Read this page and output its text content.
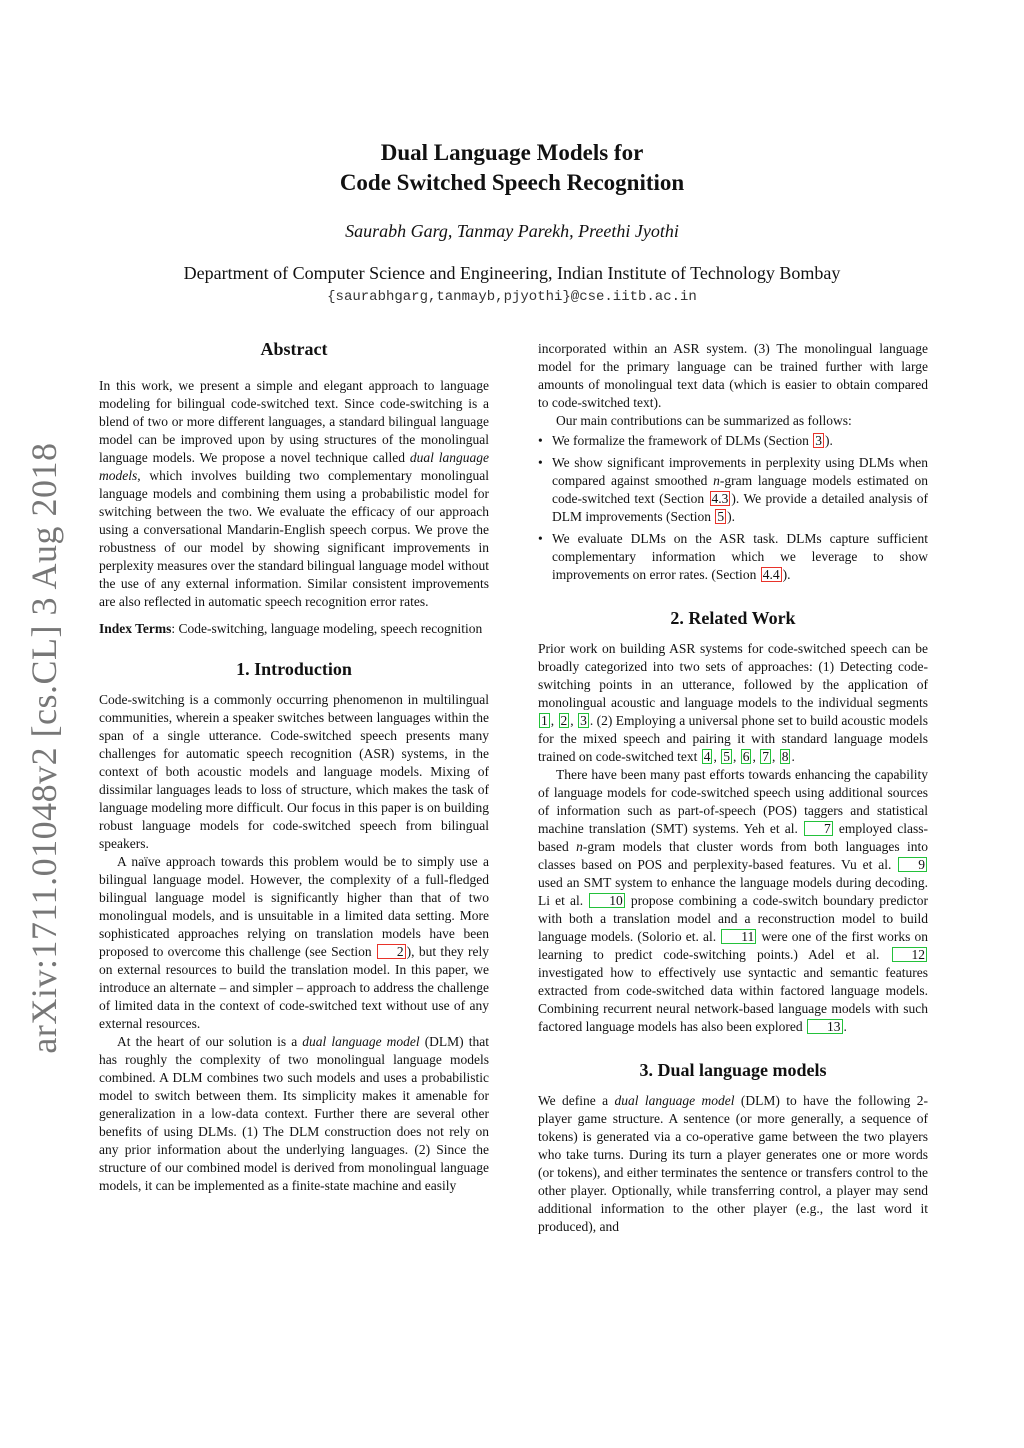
arXiv:1711.01048v2 [cs.CL] 3 Aug 2018
Dual Language Models for
Code Switched Speech Recognition
Saurabh Garg, Tanmay Parekh, Preethi Jyothi
Department of Computer Science and Engineering, Indian Institute of Technology Bombay
{saurabhgarg,tanmayb,pjyothi}@cse.iitb.ac.in
Abstract

In this work, we present a simple and elegant approach to language modeling for bilingual code-switched text. Since code-switching is a blend of two or more different languages, a standard bilingual language model can be improved upon by using structures of the monolingual language models. We propose a novel technique called dual language models, which involves building two complementary monolingual language models and combining them using a probabilistic model for switching between the two. We evaluate the efficacy of our approach using a conversational Mandarin-English speech corpus. We prove the robustness of our model by showing significant improvements in perplexity measures over the standard bilingual language model without the use of any external information. Similar consistent improvements are also reflected in automatic speech recognition error rates.

Index Terms: Code-switching, language modeling, speech recognition

1. Introduction

Code-switching is a commonly occurring phenomenon in multilingual communities, wherein a speaker switches between languages within the span of a single utterance. Code-switched speech presents many challenges for automatic speech recognition (ASR) systems, in the context of both acoustic models and language models. Mixing of dissimilar languages leads to loss of structure, which makes the task of language modeling more difficult. Our focus in this paper is on building robust language models for code-switched speech from bilingual speakers.

A naïve approach towards this problem would be to simply use a bilingual language model. However, the complexity of a full-fledged bilingual language model is significantly higher than that of two monolingual models, and is unsuitable in a limited data setting. More sophisticated approaches relying on translation models have been proposed to overcome this challenge (see Section 2 ), but they rely on external resources to build the translation model. In this paper, we introduce an alternate – and simpler – approach to address the challenge of limited data in the context of code-switched text without use of any external resources.

At the heart of our solution is a dual language model (DLM) that has roughly the complexity of two monolingual language models combined. A DLM combines two such models and uses a probabilistic model to switch between them. Its simplicity makes it amenable for generalization in a low-data context. Further there are several other benefits of using DLMs. (1) The DLM construction does not rely on any prior information about the underlying languages. (2) Since the structure of our combined model is derived from monolingual language models, it can be implemented as a finite-state machine and easily

incorporated within an ASR system. (3) The monolingual language model for the primary language can be trained further with large amounts of monolingual text data (which is easier to obtain compared to code-switched text).

Our main contributions can be summarized as follows:

• We formalize the framework of DLMs (Section 3 ).
• We show significant improvements in perplexity using DLMs when compared against smoothed n-gram language models estimated on code-switched text (Section 4.3 ). We provide a detailed analysis of DLM improvements (Section 5 ).
• We evaluate DLMs on the ASR task. DLMs capture sufficient complementary information which we leverage to show improvements on error rates. (Section 4.4 ).
2. Related Work

Prior work on building ASR systems for code-switched speech can be broadly categorized into two sets of approaches: (1) Detecting code-switching points in an utterance, followed by the application of monolingual acoustic and language models to the individual segments 1 , 2 , 3 . (2) Employing a universal phone set to build acoustic models for the mixed speech and pairing it with standard language models trained on code-switched text 4 , 5 , 6 , 7 , 8 .

There have been many past efforts towards enhancing the capability of language models for code-switched speech using additional sources of information such as part-of-speech (POS) taggers and statistical machine translation (SMT) systems. Yeh et al. 7 employed class-based n-gram models that cluster words from both languages into classes based on POS and perplexity-based features. Vu et al. 9 used an SMT system to enhance the language models during decoding. Li et al. 10 propose combining a code-switch boundary predictor with both a translation model and a reconstruction model to build language models. (Solorio et. al. 11 were one of the first works on learning to predict code-switching points.) Adel et al. 12 investigated how to effectively use syntactic and semantic features extracted from code-switched data within factored language models. Combining recurrent neural network-based language models with such factored language models has also been explored 13 .

3. Dual language models

We define a dual language model (DLM) to have the following 2-player game structure. A sentence (or more generally, a sequence of tokens) is generated via a co-operative game between the two players who take turns. During its turn a player generates one or more words (or tokens), and either terminates the sentence or transfers control to the other player. Optionally, while transferring control, a player may send additional information to the other player (e.g., the last word it produced), and
